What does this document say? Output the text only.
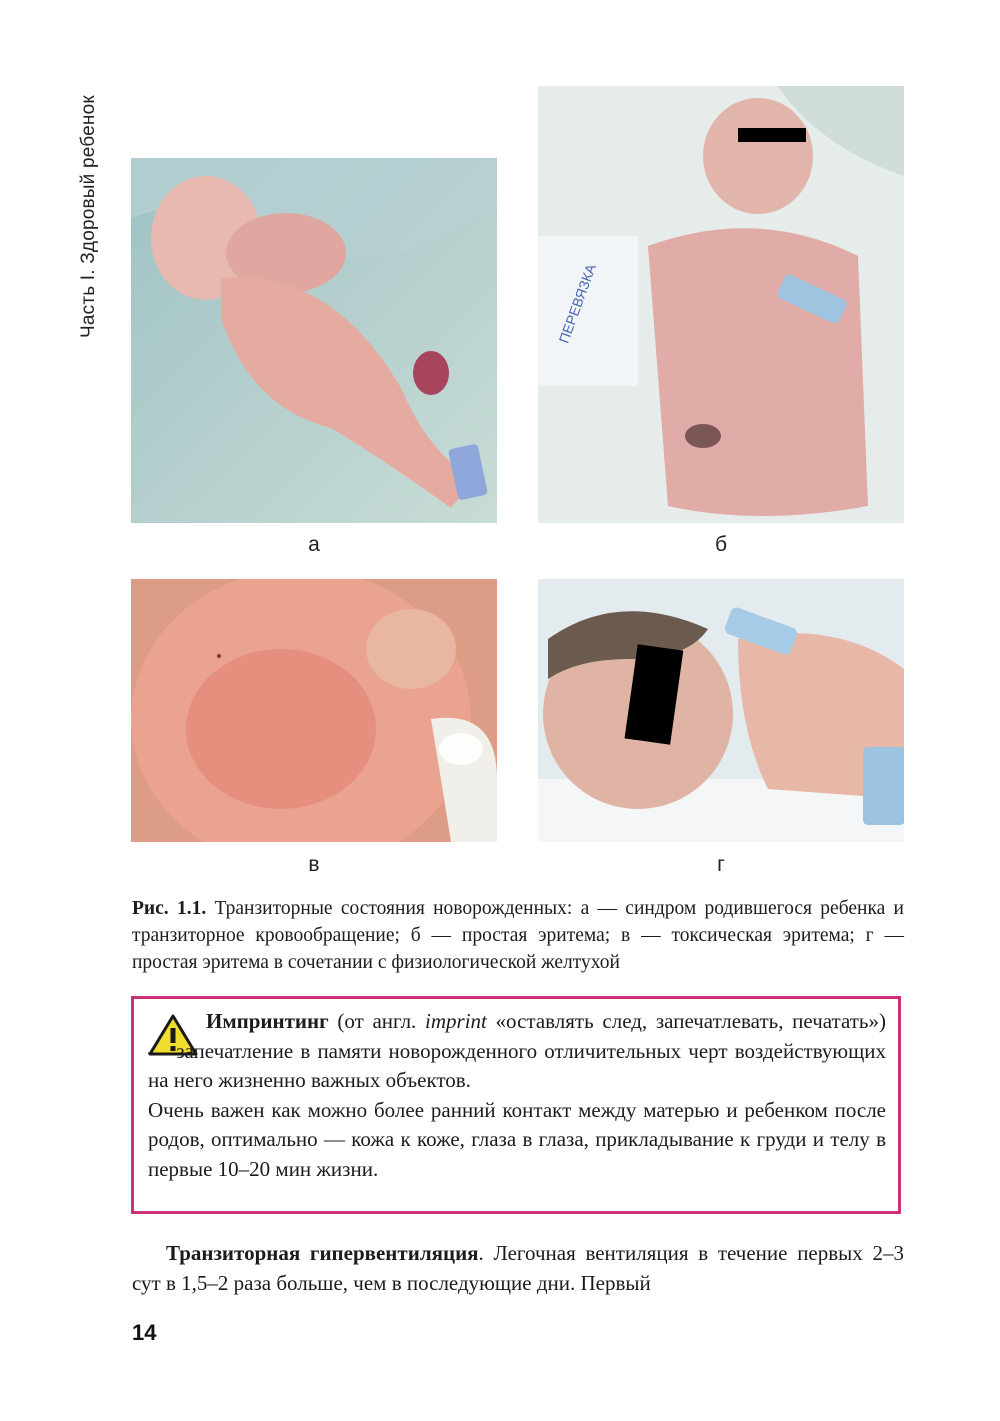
Часть I. Здоровый ребенок
а
ПЕРЕВЯЗКА
б
в	г
Рис. 1.1. Транзиторные состояния новорожденных: а — синдром родившегося ребенка и транзиторное кровообращение; б — простая эритема; в — токсическая эритема; г — простая эритема в сочетании с физиологической желтухой

Импринтинг (от англ. imprint «оставлять след, запечатлевать, печатать») — запечатление в памяти новорожденного отличительных черт воздействующих на него жизненно важных объектов.

Очень важен как можно более ранний контакт между матерью и ребенком после родов, оптимально — кожа к коже, глаза в глаза, прикладывание к груди и телу в первые 10–20 мин жизни.

Транзиторная гипервентиляция. Легочная вентиляция в течение первых 2–3 сут в 1,5–2 раза больше, чем в последующие дни. Первый

14
